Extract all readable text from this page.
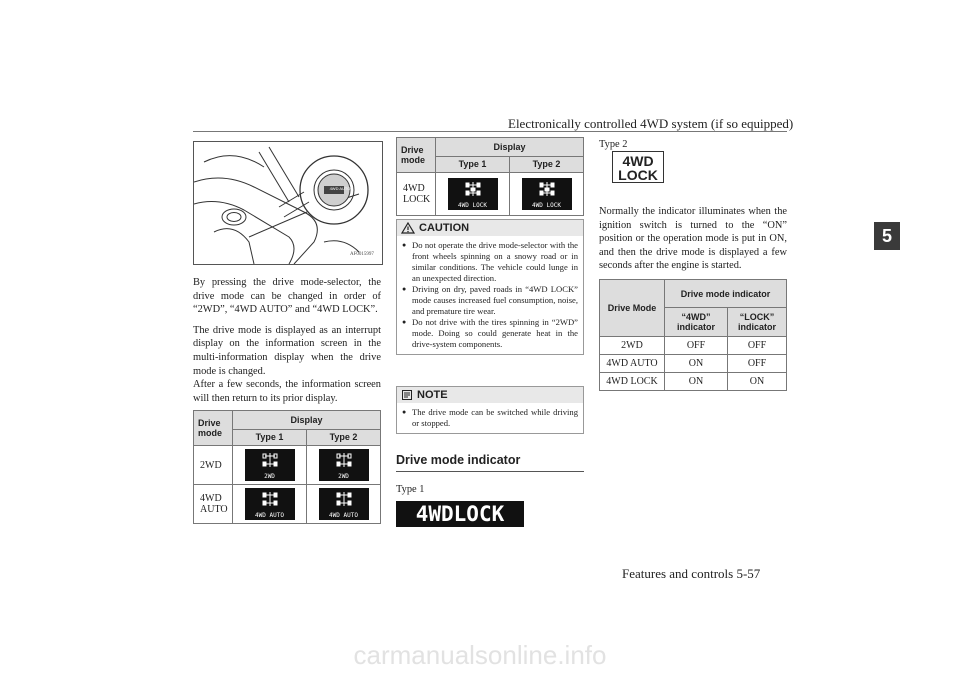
Electronically controlled 4WD system (if so equipped)
5
4WD AUTO
AF0015997

By pressing the drive mode-selector, the drive mode can be changed in order of “2WD”, “4WD AUTO” and “4WD LOCK”.

The drive mode is displayed as an interrupt display on the information screen in the multi-information display when the drive mode is changed.

After a few seconds, the information screen will then return to its prior display.

Drive mode	Display	
	Type 1	Type 2
2WD	2WD	2WD

4WD AUTO	4WD AUTO	4WD AUTO
Drive mode	Display	
	Type 1	Type 2
4WD LOCK	4WD LOCK	4WD LOCK
CAUTION
● Do not operate the drive mode-selector with the front wheels spinning on a snowy road or in similar conditions. The vehicle could lunge in an unexpected direction.
● Driving on dry, paved roads in “4WD LOCK” mode causes increased fuel consumption, noise, and premature tire wear.
● Do not drive with the tires spinning in “2WD” mode. Doing so could generate heat in the drive-system components.
NOTE
● The drive mode can be switched while driving or stopped.
Drive mode indicator
Type 1
4WDLOCK
Type 2
4WD
LOCK

Normally the indicator illuminates when the ignition switch is turned to the “ON” position or the operation mode is put in ON, and then the drive mode is displayed a few seconds after the engine is started.

Drive Mode	Drive mode indicator	
	“4WD” indicator	“LOCK” indicator
2WD	OFF	OFF
4WD AUTO	ON	OFF
4WD LOCK	ON	ON
Features and controls 5-57
carmanualsonline.info
